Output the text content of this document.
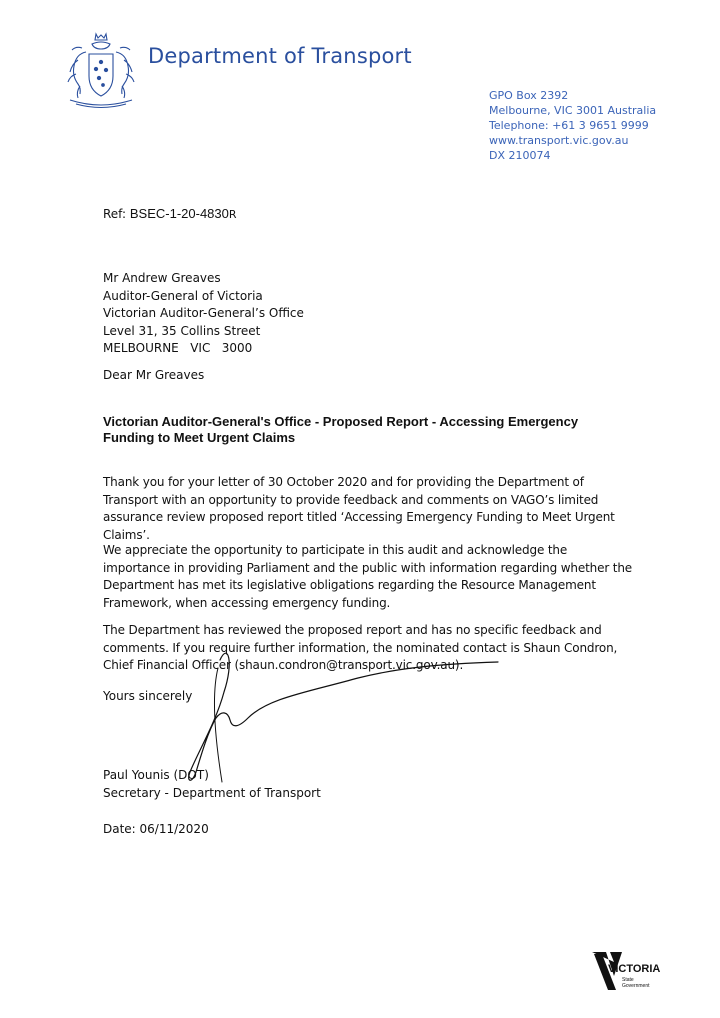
Department of Transport
GPO Box 2392
Melbourne, VIC 3001 Australia
Telephone: +61 3 9651 9999
www.transport.vic.gov.au
DX 210074
Ref: BSEC-1-20-4830R
Mr Andrew Greaves
Auditor-General of Victoria
Victorian Auditor-General’s Office
Level 31, 35 Collins Street
MELBOURNE   VIC   3000
Dear Mr Greaves
Victorian Auditor-General's Office - Proposed Report - Accessing Emergency Funding to Meet Urgent Claims
Thank you for your letter of 30 October 2020 and for providing the Department of Transport with an opportunity to provide feedback and comments on VAGO’s limited assurance review proposed report titled ‘Accessing Emergency Funding to Meet Urgent Claims’.
We appreciate the opportunity to participate in this audit and acknowledge the importance in providing Parliament and the public with information regarding whether the Department has met its legislative obligations regarding the Resource Management Framework, when accessing emergency funding.
The Department has reviewed the proposed report and has no specific feedback and comments. If you require further information, the nominated contact is Shaun Condron, Chief Financial Officer (shaun.condron@transport.vic.gov.au).
Yours sincerely
Paul Younis (DOT)
Secretary - Department of Transport
Date: 06/11/2020
VICTORIA
State
Government
